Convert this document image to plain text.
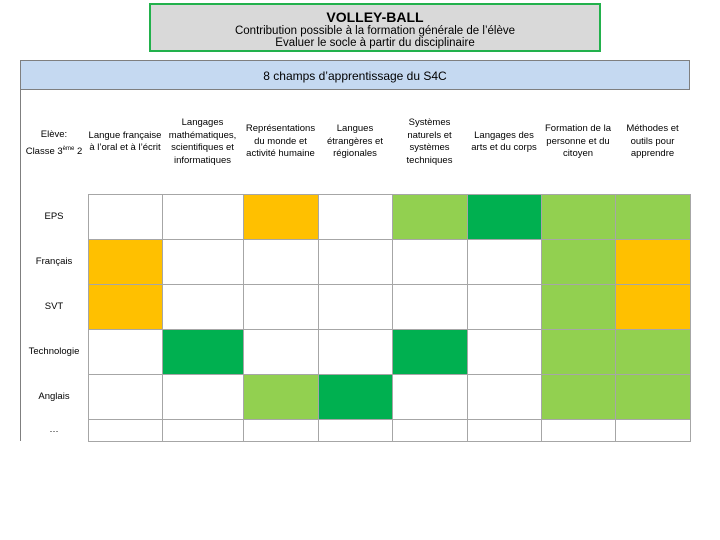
VOLLEY-BALL
Contribution possible à la formation générale de l’élève
Evaluer le socle à partir du disciplinaire
8 champs d’apprentissage du S4C
Elève:
Classe 3ème 2
Langue française à l’oral et à l’écrit
Langages mathématiques, scientifiques et informatiques
Représentations du monde et activité humaine
Langues étrangères et régionales
Systèmes naturels et systèmes techniques
Langages des arts et du corps
Formation de la personne et du citoyen
Méthodes et outils pour apprendre
EPS
Français
SVT
Technologie
Anglais
…
